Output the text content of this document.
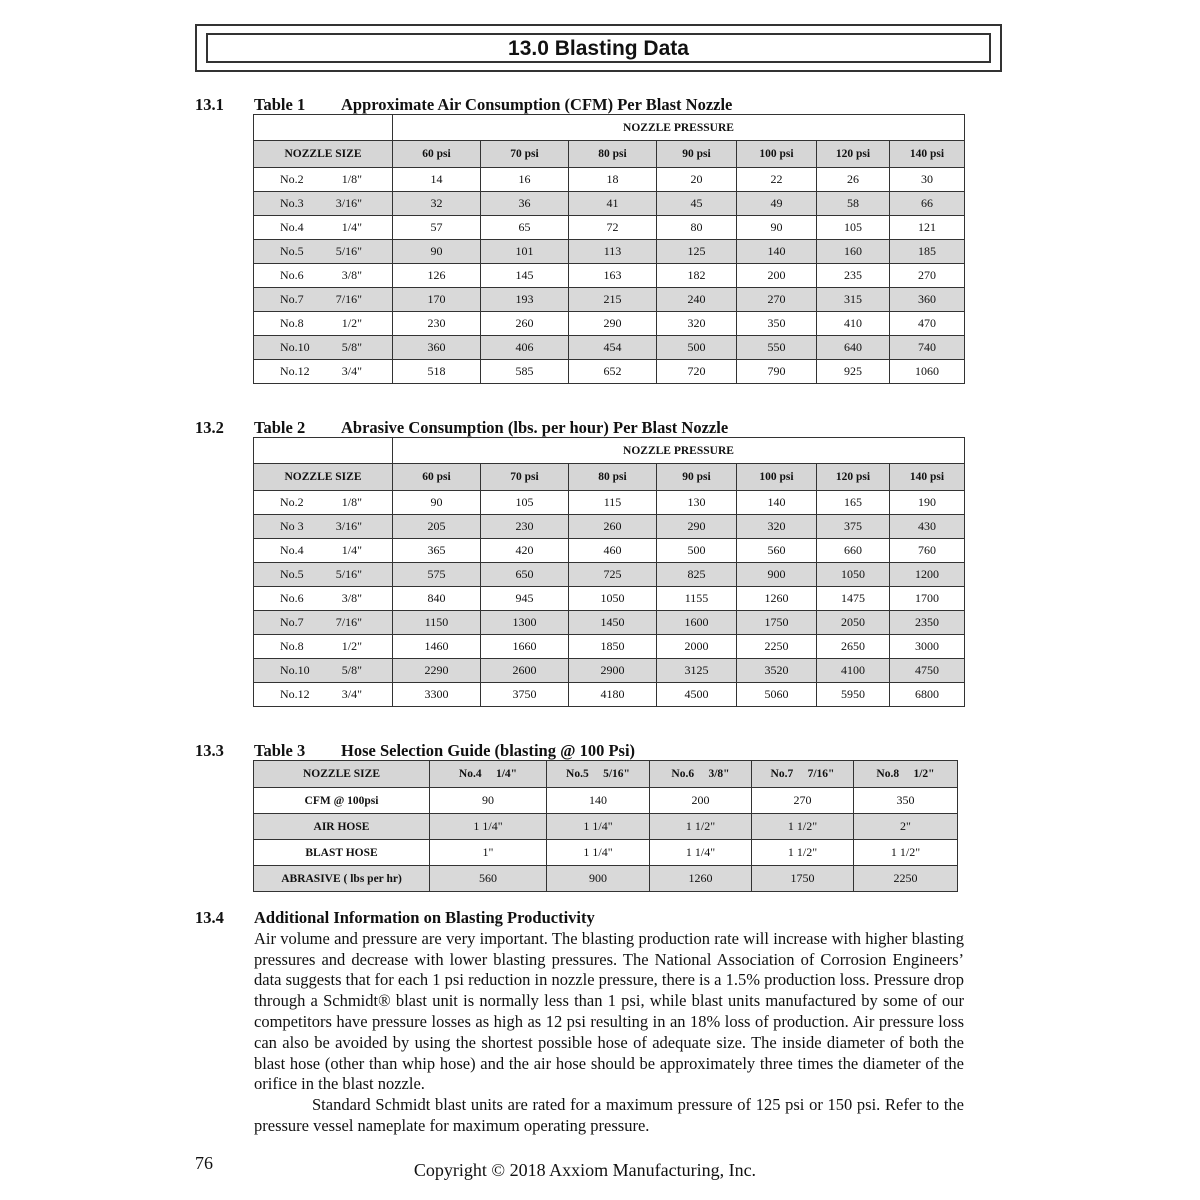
13.0 Blasting Data
13.1 Table 1 Approximate Air Consumption (CFM) Per Blast Nozzle
	NOZZLE PRESSURE						
NOZZLE SIZE	60 psi	70 psi	80 psi	90 psi	100 psi	120 psi	140 psi
No.2 1/8"	14	16	18	20	22	26	30
No.3 3/16"	32	36	41	45	49	58	66
No.4 1/4"	57	65	72	80	90	105	121
No.5 5/16"	90	101	113	125	140	160	185
No.6 3/8"	126	145	163	182	200	235	270
No.7 7/16"	170	193	215	240	270	315	360
No.8 1/2"	230	260	290	320	350	410	470
No.10 5/8"	360	406	454	500	550	640	740
No.12 3/4"	518	585	652	720	790	925	1060
13.2 Table 2 Abrasive Consumption (lbs. per hour) Per Blast Nozzle
	NOZZLE PRESSURE						
NOZZLE SIZE	60 psi	70 psi	80 psi	90 psi	100 psi	120 psi	140 psi
No.2 1/8"	90	105	115	130	140	165	190
No 3 3/16"	205	230	260	290	320	375	430
No.4 1/4"	365	420	460	500	560	660	760
No.5 5/16"	575	650	725	825	900	1050	1200
No.6 3/8"	840	945	1050	1155	1260	1475	1700
No.7 7/16"	1150	1300	1450	1600	1750	2050	2350
No.8 1/2"	1460	1660	1850	2000	2250	2650	3000
No.10 5/8"	2290	2600	2900	3125	3520	4100	4750
No.12 3/4"	3300	3750	4180	4500	5060	5950	6800
13.3 Table 3 Hose Selection Guide (blasting @ 100 Psi)
NOZZLE SIZE	No.4     1/4"	No.5     5/16"	No.6     3/8"	No.7     7/16"	No.8     1/2"
CFM @ 100psi	90	140	200	270	350
AIR HOSE	1 1/4"	1 1/4"	1 1/2"	1 1/2"	2"
BLAST HOSE	1"	1 1/4"	1 1/4"	1 1/2"	1 1/2"
ABRASIVE ( lbs per hr)	560	900	1260	1750	2250
13.4 Additional Information on Blasting Productivity

Air volume and pressure are very important. The blasting production rate will increase with higher blasting pressures and decrease with lower blasting pressures. The National Association of Corrosion Engineers’ data suggests that for each 1 psi reduction in nozzle pressure, there is a 1.5% production loss. Pressure drop through a Schmidt® blast unit is normally less than 1 psi, while blast units manufactured by some of our competitors have pressure losses as high as 12 psi resulting in an 18% loss of production. Air pressure loss can also be avoided by using the shortest possible hose of adequate size. The inside diameter of both the blast hose (other than whip hose) and the air hose should be approximately three times the diameter of the orifice in the blast nozzle.

Standard Schmidt blast units are rated for a maximum pressure of 125 psi or 150 psi. Refer to the pressure vessel nameplate for maximum operating pressure.

76	Copyright © 2018 Axxiom Manufacturing, Inc.
